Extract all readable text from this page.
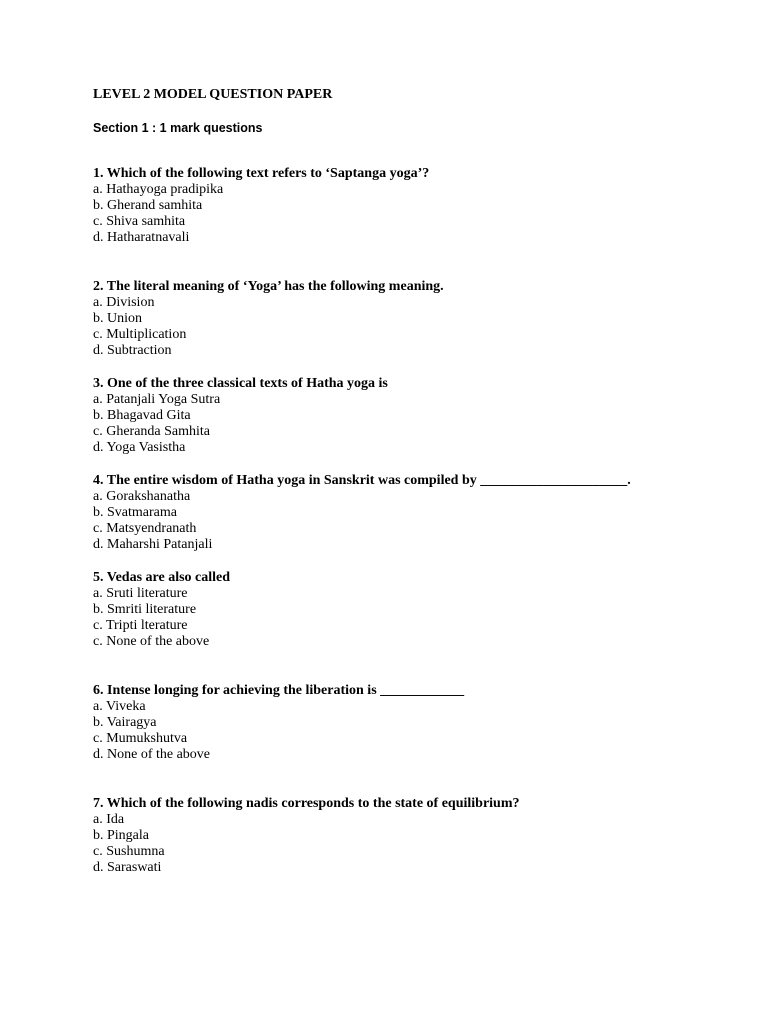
LEVEL 2 MODEL QUESTION PAPER
Section 1 : 1 mark questions
1. Which of the following text refers to ‘Saptanga yoga’?
a. Hathayoga pradipika
b. Gherand samhita
c. Shiva samhita
d. Hatharatnavali
2. The literal meaning of ‘Yoga’ has the following meaning.
a. Division
b. Union
c. Multiplication
d. Subtraction
3. One of the three classical texts of Hatha yoga is
a. Patanjali Yoga Sutra
b. Bhagavad Gita
c. Gheranda Samhita
d. Yoga Vasistha
4. The entire wisdom of Hatha yoga in Sanskrit was compiled by _____________________.
a. Gorakshanatha
b. Svatmarama
c. Matsyendranath
d. Maharshi Patanjali
5. Vedas are also called
a. Sruti literature
b. Smriti literature
c. Tripti lterature
c. None of the above
6. Intense longing for achieving the liberation is ____________
a. Viveka
b. Vairagya
c. Mumukshutva
d. None of the above
7. Which of the following nadis corresponds to the state of equilibrium?
a. Ida
b. Pingala
c. Sushumna
d. Saraswati
